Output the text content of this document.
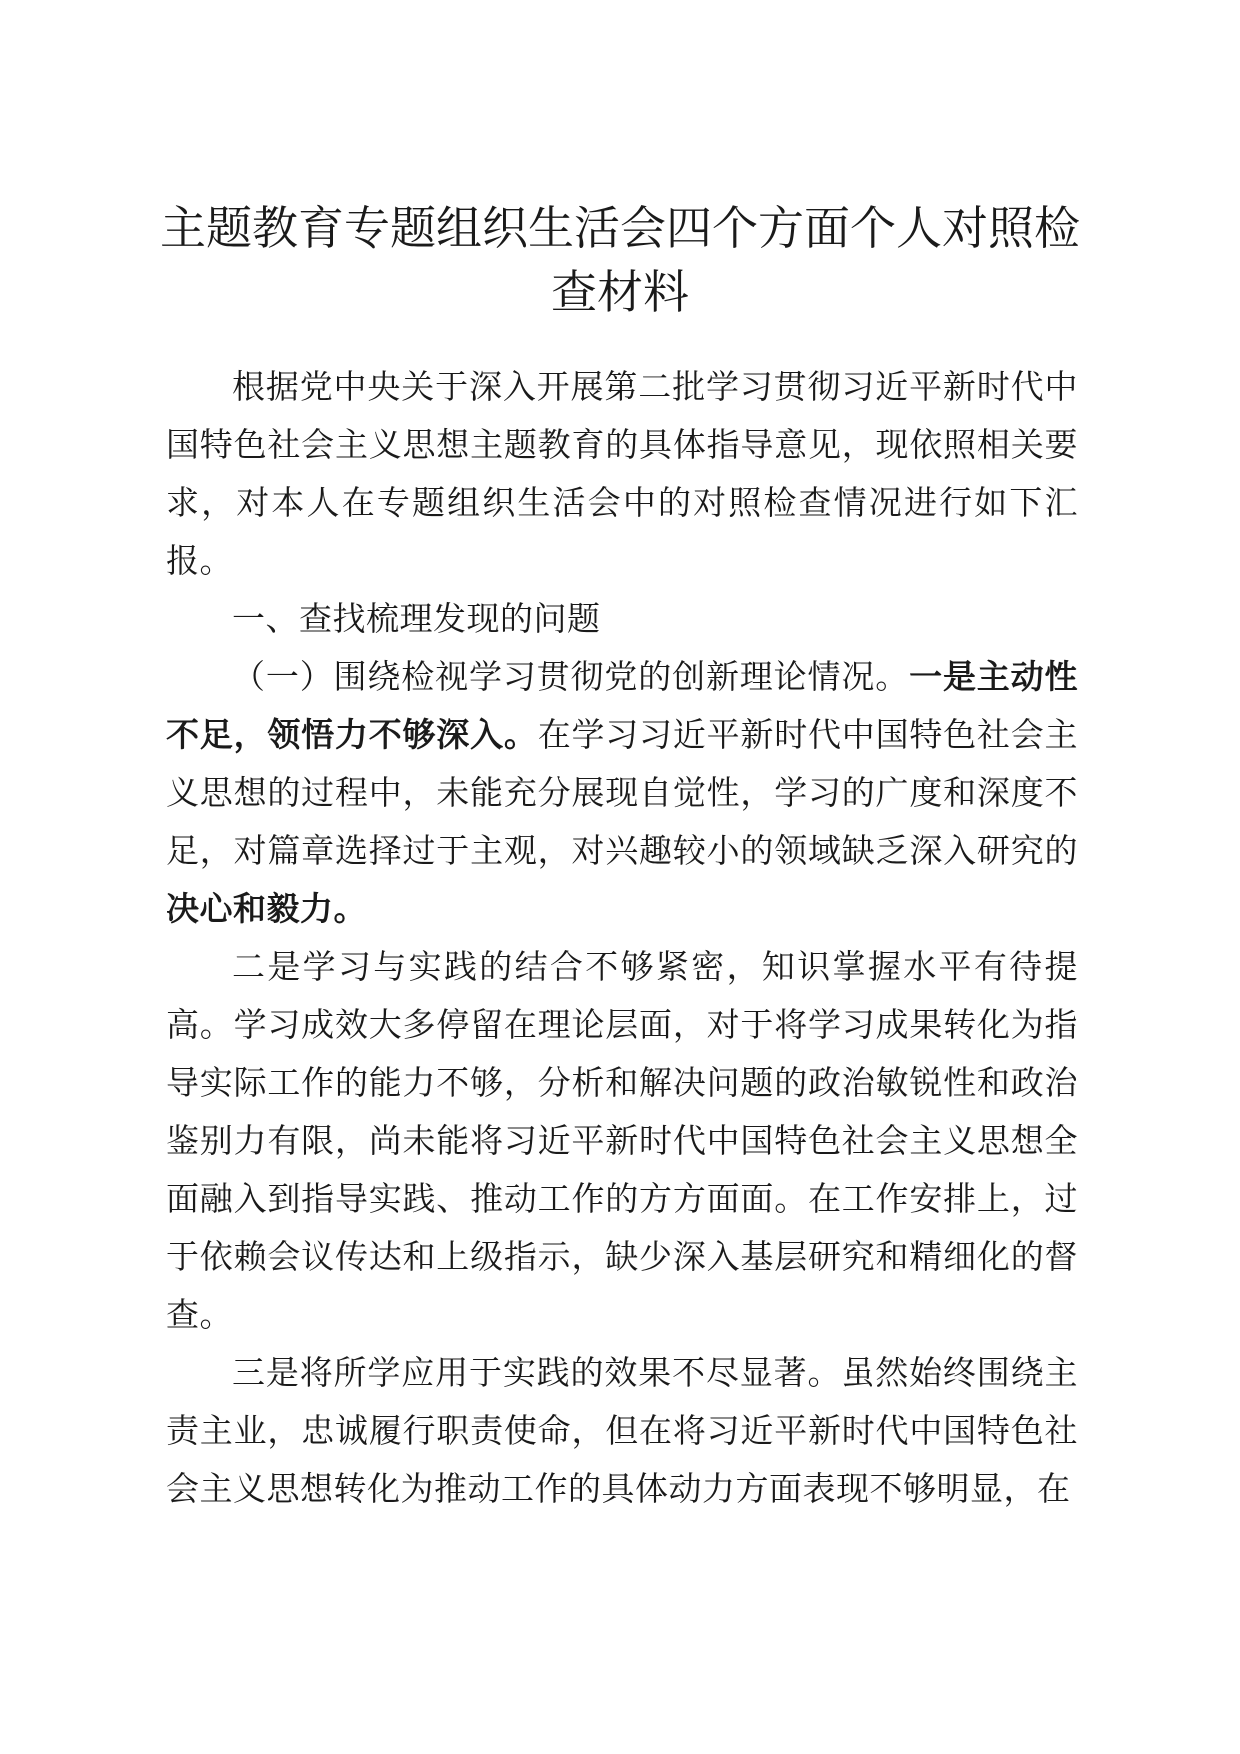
主题教育专题组织生活会四个方面个人对照检查材料

根据党中央关于深入开展第二批学习贯彻习近平新时代中国特色社会主义思想主题教育的具体指导意见，现依照相关要求，对本人在专题组织生活会中的对照检查情况进行如下汇报。

一、查找梳理发现的问题

（一）围绕检视学习贯彻党的创新理论情况。一是主动性不足，领悟力不够深入。在学习习近平新时代中国特色社会主义思想的过程中，未能充分展现自觉性，学习的广度和深度不足，对篇章选择过于主观，对兴趣较小的领域缺乏深入研究的决心和毅力。

二是学习与实践的结合不够紧密，知识掌握水平有待提高。学习成效大多停留在理论层面，对于将学习成果转化为指导实际工作的能力不够，分析和解决问题的政治敏锐性和政治鉴别力有限，尚未能将习近平新时代中国特色社会主义思想全面融入到指导实践、推动工作的方方面面。在工作安排上，过于依赖会议传达和上级指示，缺少深入基层研究和精细化的督查。

三是将所学应用于实践的效果不尽显著。虽然始终围绕主责主业，忠诚履行职责使命，但在将习近平新时代中国特色社会主义思想转化为推动工作的具体动力方面表现不够明显，在
